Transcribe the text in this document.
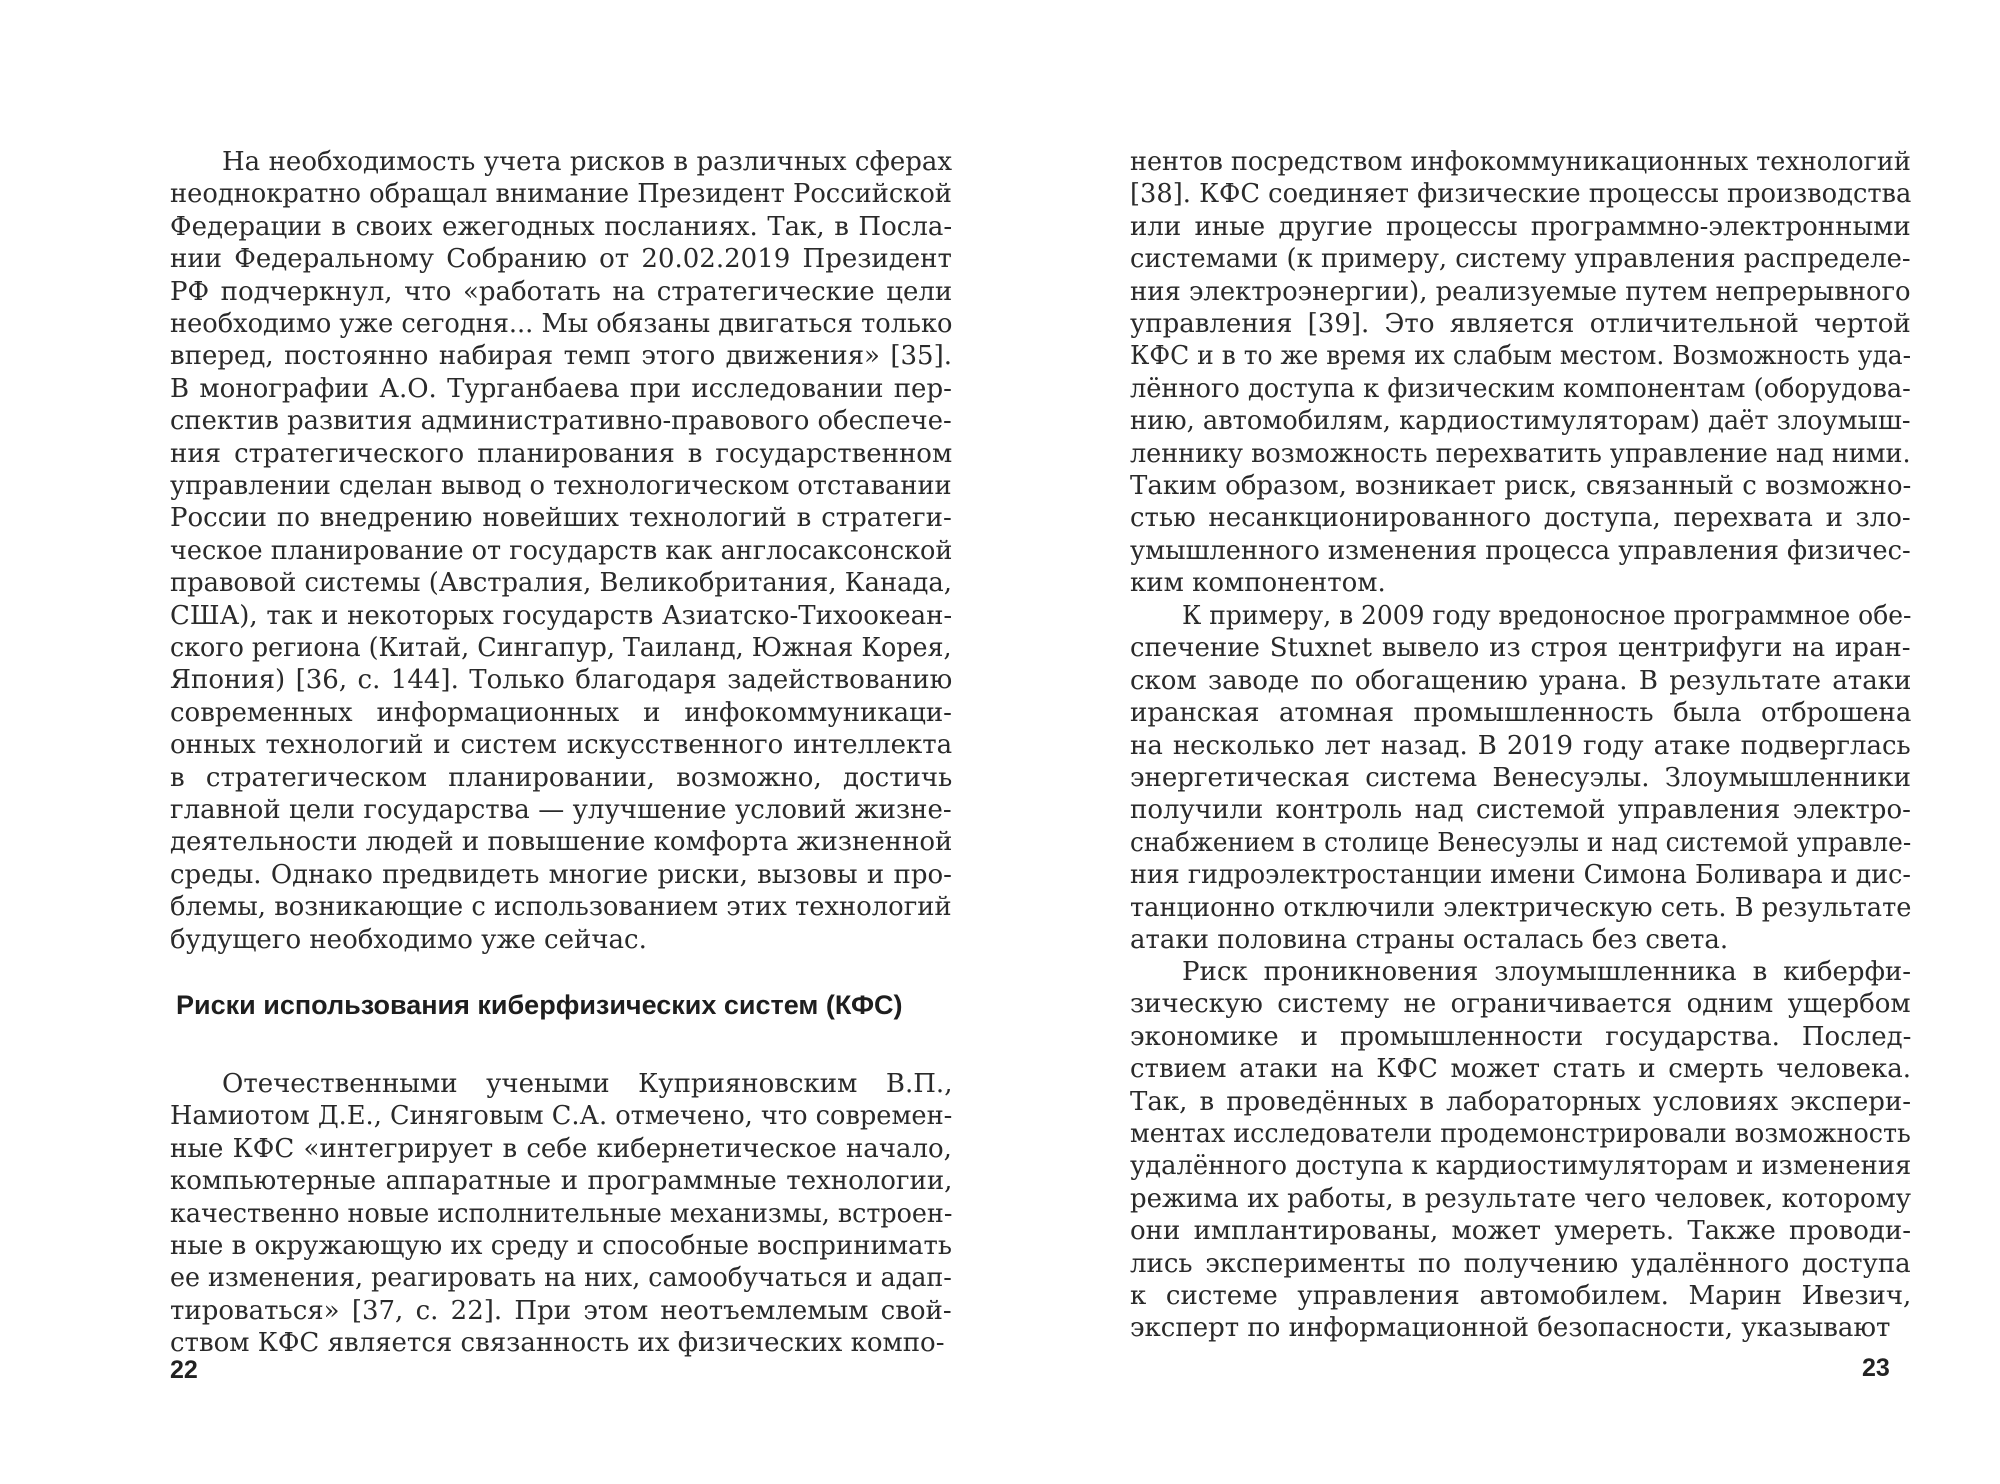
На необходимость учета рисков в различных сферах
неоднократно обращал внимание Президент Российской
Федерации в своих ежегодных посланиях. Так, в Посла-
нии Федеральному Собранию от 20.02.2019 Президент
РФ подчеркнул, что «работать на стратегические цели
необходимо уже сегодня... Мы обязаны двигаться только
вперед, постоянно набирая темп этого движения» [35].
В монографии А.О. Турганбаева при исследовании пер-
спектив развития административно-правового обеспече-
ния стратегического планирования в государственном
управлении сделан вывод о технологическом отставании
России по внедрению новейших технологий в стратеги-
ческое планирование от государств как англосаксонской
правовой системы (Австралия, Великобритания, Канада,
США), так и некоторых государств Азиатско-Тихоокеан-
ского региона (Китай, Сингапур, Таиланд, Южная Корея,
Япония) [36, с. 144]. Только благодаря задействованию
современных информационных и инфокоммуникаци-
онных технологий и систем искусственного интеллекта
в стратегическом планировании, возможно, достичь
главной цели государства — улучшение условий жизне-
деятельности людей и повышение комфорта жизненной
среды. Однако предвидеть многие риски, вызовы и про-
блемы, возникающие с использованием этих технологий
будущего необходимо уже сейчас.
Риски использования киберфизических систем (КФС)
Отечественными учеными Куприяновским В.П.,
Намиотом Д.Е., Синяговым С.А. отмечено, что современ-
ные КФС «интегрирует в себе кибернетическое начало,
компьютерные аппаратные и программные технологии,
качественно новые исполнительные механизмы, встроен-
ные в окружающую их среду и способные воспринимать
ее изменения, реагировать на них, самообучаться и адап-
тироваться» [37, с. 22]. При этом неотъемлемым свой-
ством КФС является связанность их физических компо-
22
нентов посредством инфокоммуникационных технологий
[38]. КФС соединяет физические процессы производства
или иные другие процессы программно-электронными
системами (к примеру, систему управления распределе-
ния электроэнергии), реализуемые путем непрерывного
управления [39]. Это является отличительной чертой
КФС и в то же время их слабым местом. Возможность уда-
лённого доступа к физическим компонентам (оборудова-
нию, автомобилям, кардиостимуляторам) даёт злоумыш-
леннику возможность перехватить управление над ними.
Таким образом, возникает риск, связанный с возможно-
стью несанкционированного доступа, перехвата и зло-
умышленного изменения процесса управления физичес-
ким компонентом.
К примеру, в 2009 году вредоносное программное обе-
спечение Stuxnet вывело из строя центрифуги на иран-
ском заводе по обогащению урана. В результате атаки
иранская атомная промышленность была отброшена
на несколько лет назад. В 2019 году атаке подверглась
энергетическая система Венесуэлы. Злоумышленники
получили контроль над системой управления электро-
снабжением в столице Венесуэлы и над системой управле-
ния гидроэлектростанции имени Симона Боливара и дис-
танционно отключили электрическую сеть. В результате
атаки половина страны осталась без света.
Риск проникновения злоумышленника в киберфи-
зическую систему не ограничивается одним ущербом
экономике и промышленности государства. Послед-
ствием атаки на КФС может стать и смерть человека.
Так, в проведённых в лабораторных условиях экспери-
ментах исследователи продемонстрировали возможность
удалённого доступа к кардиостимуляторам и изменения
режима их работы, в результате чего человек, которому
они имплантированы, может умереть. Также проводи-
лись эксперименты по получению удалённого доступа
к системе управления автомобилем. Марин Ивезич,
эксперт по информационной безопасности, указывают
23
